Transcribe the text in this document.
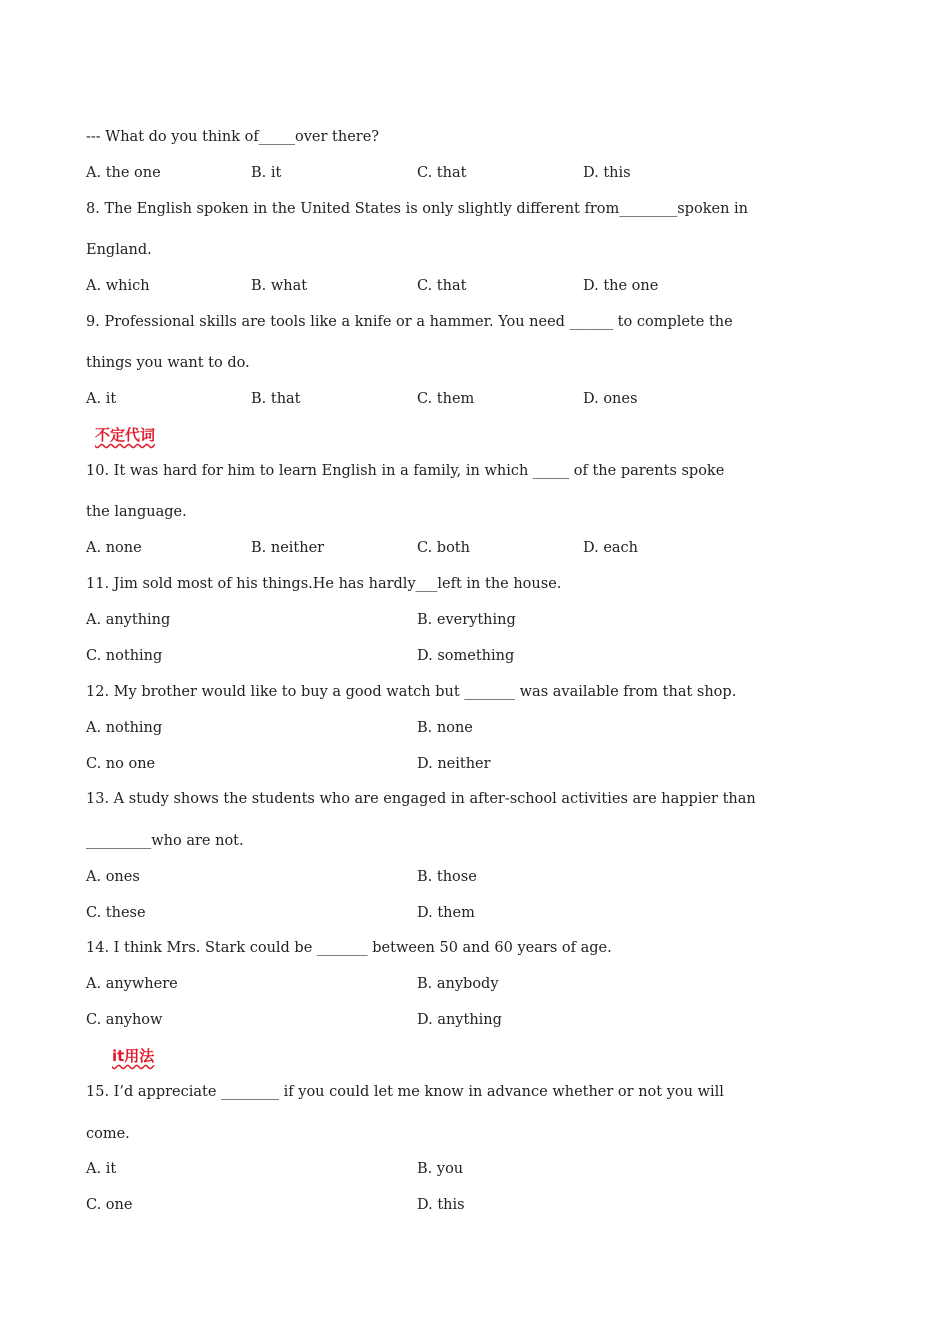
--- What do you think of_____over there?
A. the one	B. it	C. that	D. this
8. The English spoken in the United States is only slightly different from________spoken in
England.
A. which	B. what	C. that	D. the one
9. Professional skills are tools like a knife or a hammer. You need ______ to complete the
things you want to do.
A. it	B. that	C. them	D. ones
不定代词
10. It was hard for him to learn English in a family, in which _____ of the parents spoke
the language.
A. none	B. neither	C. both	D. each
11. Jim sold most of his things.He has hardly___left in the house.
A. anything	B. everything
C. nothing	D. something
12. My brother would like to buy a good watch but _______ was available from that shop.
A. nothing	B. none
C. no one	D. neither
13. A study shows the students who are engaged in after-school activities are happier than
_________who are not.
A. ones	B. those
C. these	D. them
14. I think Mrs. Stark could be _______ between 50 and 60 years of age.
A. anywhere	B. anybody
C. anyhow	D. anything
it用法
15. I’d appreciate ________ if you could let me know in advance whether or not you will
come.
A. it	B. you
C. one	D. this
